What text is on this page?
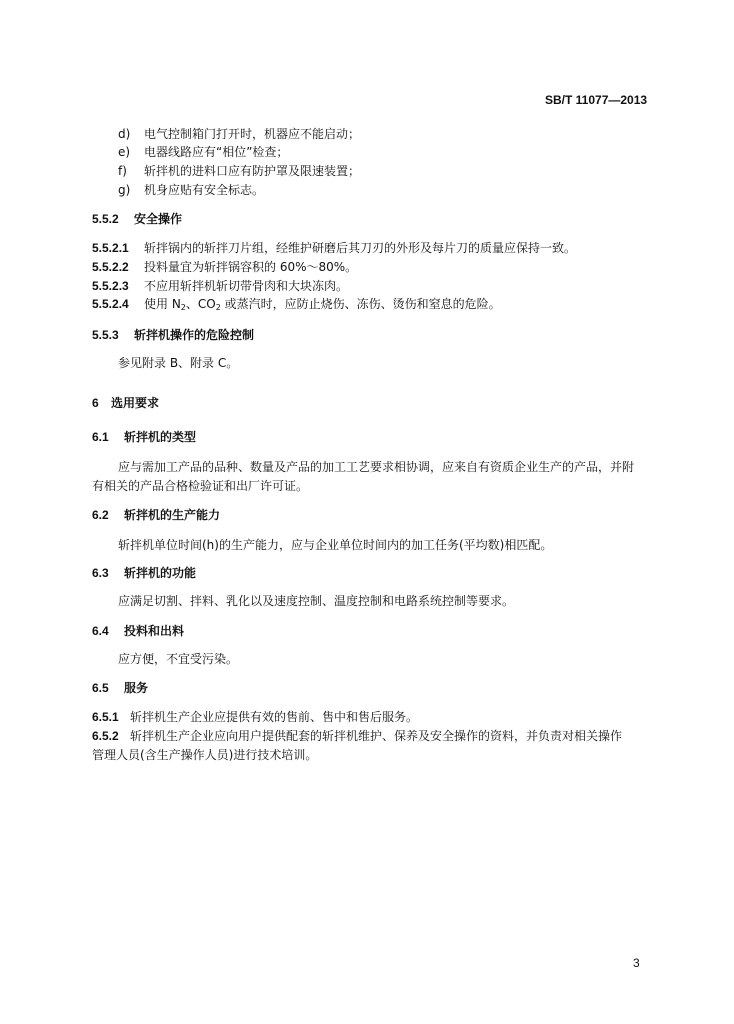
SB/T 11077—2013
d) 电气控制箱门打开时，机器应不能启动；
e) 电器线路应有“相位”检查；
f) 斩拌机的进料口应有防护罩及限速装置；
g) 机身应贴有安全标志。
5.5.2 安全操作
5.5.2.1 斩拌锅内的斩拌刀片组，经维护研磨后其刀刃的外形及每片刀的质量应保持一致。
5.5.2.2 投料量宜为斩拌锅容积的 60%～80%。
5.5.2.3 不应用斩拌机斩切带骨肉和大块冻肉。
5.5.2.4 使用 $N_2$、$CO_2$ 或蒸汽时，应防止烧伤、冻伤、烫伤和窒息的危险。
5.5.3 斩拌机操作的危险控制
参见附录 B、附录 C。
6 选用要求
6.1 斩拌机的类型
应与需加工产品的品种、数量及产品的加工工艺要求相协调，应来自有资质企业生产的产品，并附
有相关的产品合格检验证和出厂许可证。
6.2 斩拌机的生产能力
斩拌机单位时间(h)的生产能力，应与企业单位时间内的加工任务(平均数)相匹配。
6.3 斩拌机的功能
应满足切割、拌料、乳化以及速度控制、温度控制和电路系统控制等要求。
6.4 投料和出料
应方便，不宜受污染。
6.5 服务
6.5.1 斩拌机生产企业应提供有效的售前、售中和售后服务。
6.5.2 斩拌机生产企业应向用户提供配套的斩拌机维护、保养及安全操作的资料，并负责对相关操作
管理人员(含生产操作人员)进行技术培训。
3
